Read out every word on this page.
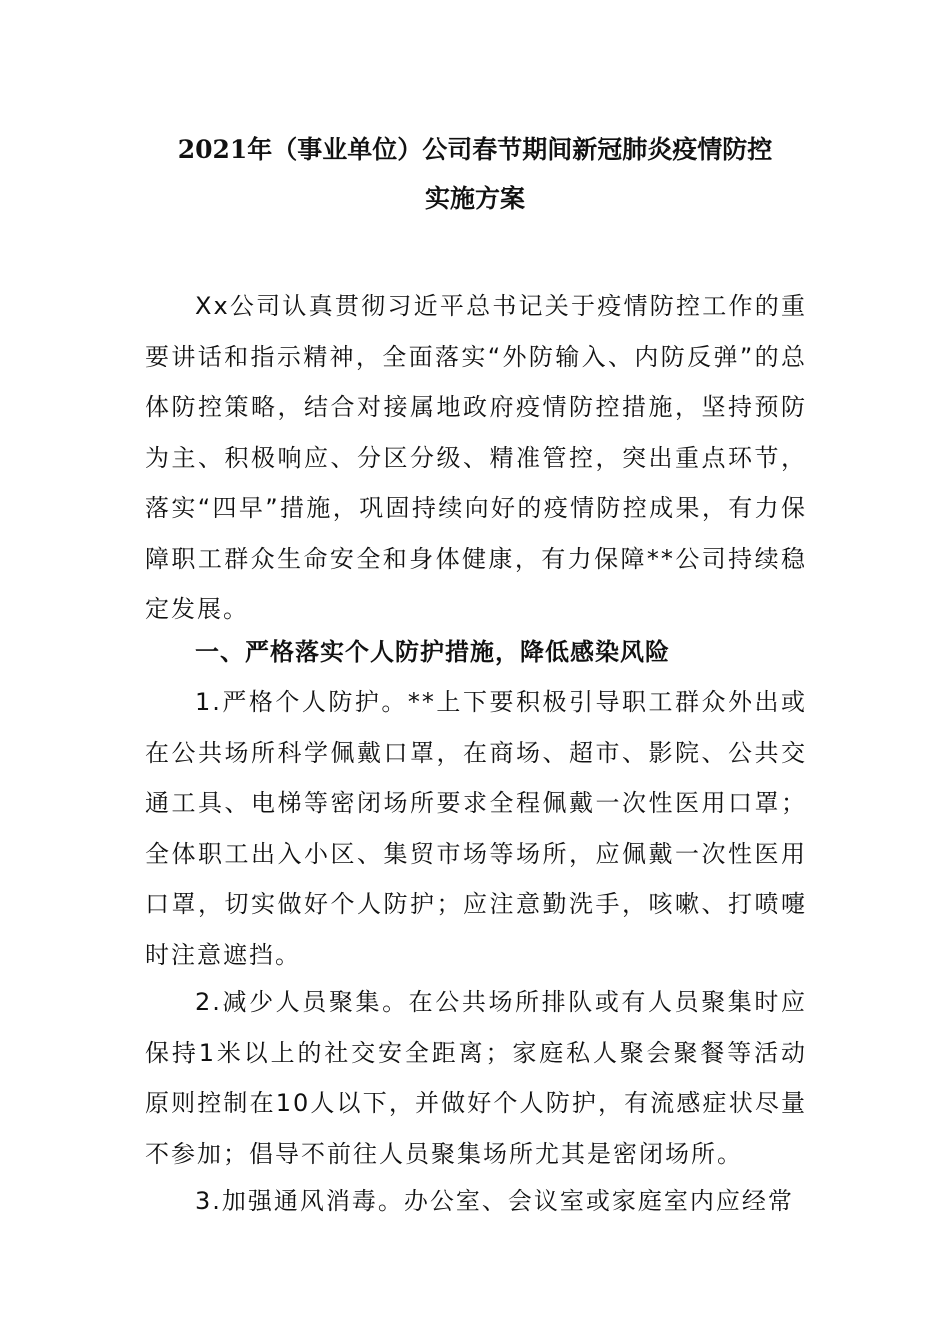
2021年（事业单位）公司春节期间新冠肺炎疫情防控
实施方案

Xx公司认真贯彻习近平总书记关于疫情防控工作的重要讲话和指示精神，全面落实“外防输入、内防反弹”的总体防控策略，结合对接属地政府疫情防控措施，坚持预防为主、积极响应、分区分级、精准管控，突出重点环节，落实“四早”措施，巩固持续向好的疫情防控成果，有力保障职工群众生命安全和身体健康，有力保障**公司持续稳定发展。

一、严格落实个人防护措施，降低感染风险

1.严格个人防护。**上下要积极引导职工群众外出或在公共场所科学佩戴口罩，在商场、超市、影院、公共交通工具、电梯等密闭场所要求全程佩戴一次性医用口罩；全体职工出入小区、集贸市场等场所，应佩戴一次性医用口罩，切实做好个人防护；应注意勤洗手，咳嗽、打喷嚏时注意遮挡。

2.减少人员聚集。在公共场所排队或有人员聚集时应保持1米以上的社交安全距离；家庭私人聚会聚餐等活动原则控制在10人以下，并做好个人防护，有流感症状尽量不参加；倡导不前往人员聚集场所尤其是密闭场所。

3.加强通风消毒。办公室、会议室或家庭室内应经常
